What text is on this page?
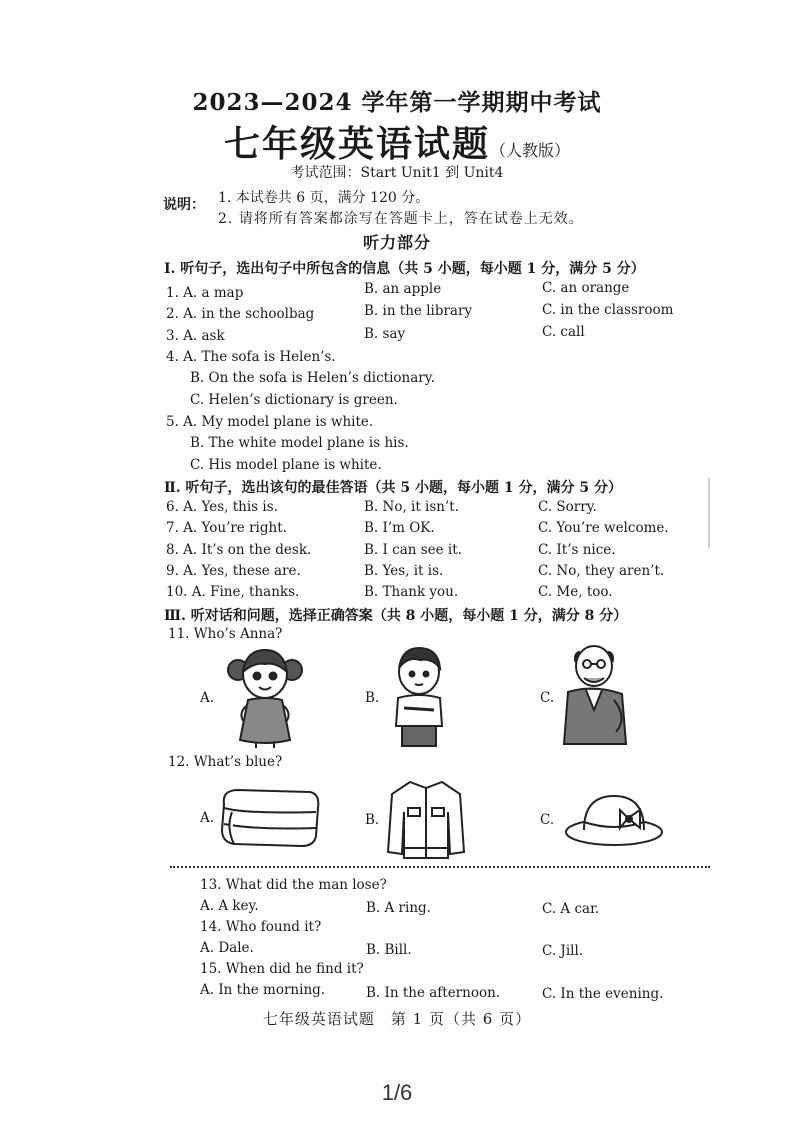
2023—2024 学年第一学期期中考试
七年级英语试题（人教版）
考试范围：Start Unit1 到 Unit4
说明： 1. 本试卷共 6 页，满分 120 分。
2. 请将所有答案都涂写在答题卡上，答在试卷上无效。
听力部分
Ⅰ. 听句子，选出句子中所包含的信息（共 5 小题，每小题 1 分，满分 5 分）
1. A. a map	B. an apple	C. an orange
2. A. in the schoolbag	B. in the library	C. in the classroom
3. A. ask	B. say	C. call
4. A. The sofa is Helen’s.
B. On the sofa is Helen’s dictionary.
C. Helen’s dictionary is green.
5. A. My model plane is white.
B. The white model plane is his.
C. His model plane is white.
Ⅱ. 听句子，选出该句的最佳答语（共 5 小题，每小题 1 分，满分 5 分）
6. A. Yes, this is.	B. No, it isn’t.	C. Sorry.
7. A. You’re right.	B. I’m OK.	C. You’re welcome.
8. A. It’s on the desk.	B. I can see it.	C. It’s nice.
9. A. Yes, these are.	B. Yes, it is.	C. No, they aren’t.
10. A. Fine, thanks.	B. Thank you.	C. Me, too.
Ⅲ. 听对话和问题，选择正确答案（共 8 小题，每小题 1 分，满分 8 分）
11. Who’s Anna?
A.	B.	C.
12. What’s blue?
A.	B.	C.
13. What did the man lose?
A. A key.	B. A ring.	C. A car.
14. Who found it?
A. Dale.	B. Bill.	C. Jill.
15. When did he find it?
A. In the morning.	B. In the afternoon.	C. In the evening.
七年级英语试题　第 1 页（共 6 页）
1/6
